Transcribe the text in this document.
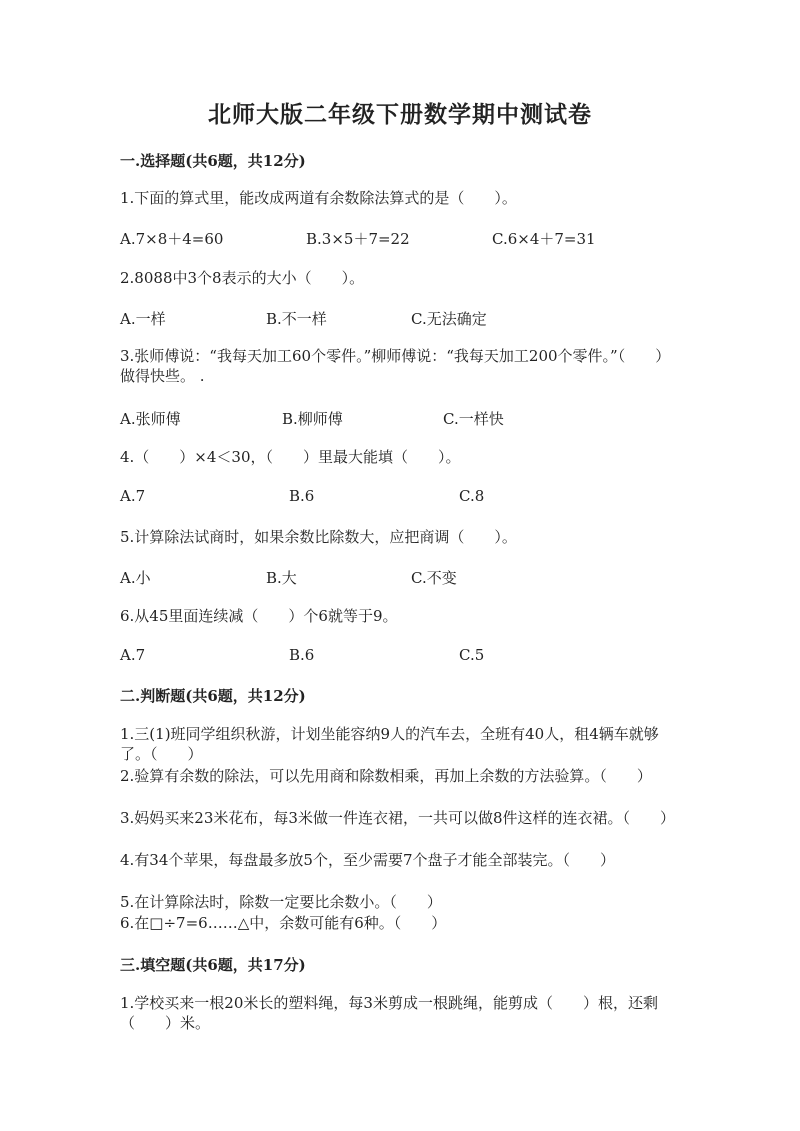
北师大版二年级下册数学期中测试卷
一.选择题(共6题，共12分)
1.下面的算式里，能改成两道有余数除法算式的是（　　）。
A.7×8＋4=60	B.3×5＋7=22	C.6×4＋7=31
2.8088中3个8表示的大小（　　）。
A.一样	B.不一样	C.无法确定
3.张师傅说：“我每天加工60个零件。”柳师傅说：“我每天加工200个零件。”（　　）做得快些。 .
A.张师傅	B.柳师傅	C.一样快
4.（　　）×4＜30，（　　）里最大能填（　　）。
A.7	B.6	C.8
5.计算除法试商时，如果余数比除数大，应把商调（　　）。
A.小	B.大	C.不变
6.从45里面连续减（　　）个6就等于9。
A.7	B.6	C.5
二.判断题(共6题，共12分)
1.三(1)班同学组织秋游，计划坐能容纳9人的汽车去，全班有40人，租4辆车就够了。（　　）
2.验算有余数的除法，可以先用商和除数相乘，再加上余数的方法验算。（　　）
3.妈妈买来23米花布，每3米做一件连衣裙，一共可以做8件这样的连衣裙。（　　）
4.有34个苹果，每盘最多放5个，至少需要7个盘子才能全部装完。（　　）
5.在计算除法时，除数一定要比余数小。（　　）
6.在□÷7=6……△中，余数可能有6种。（　　）
三.填空题(共6题，共17分)
1.学校买来一根20米长的塑料绳，每3米剪成一根跳绳，能剪成（　　）根，还剩（　　）米。
